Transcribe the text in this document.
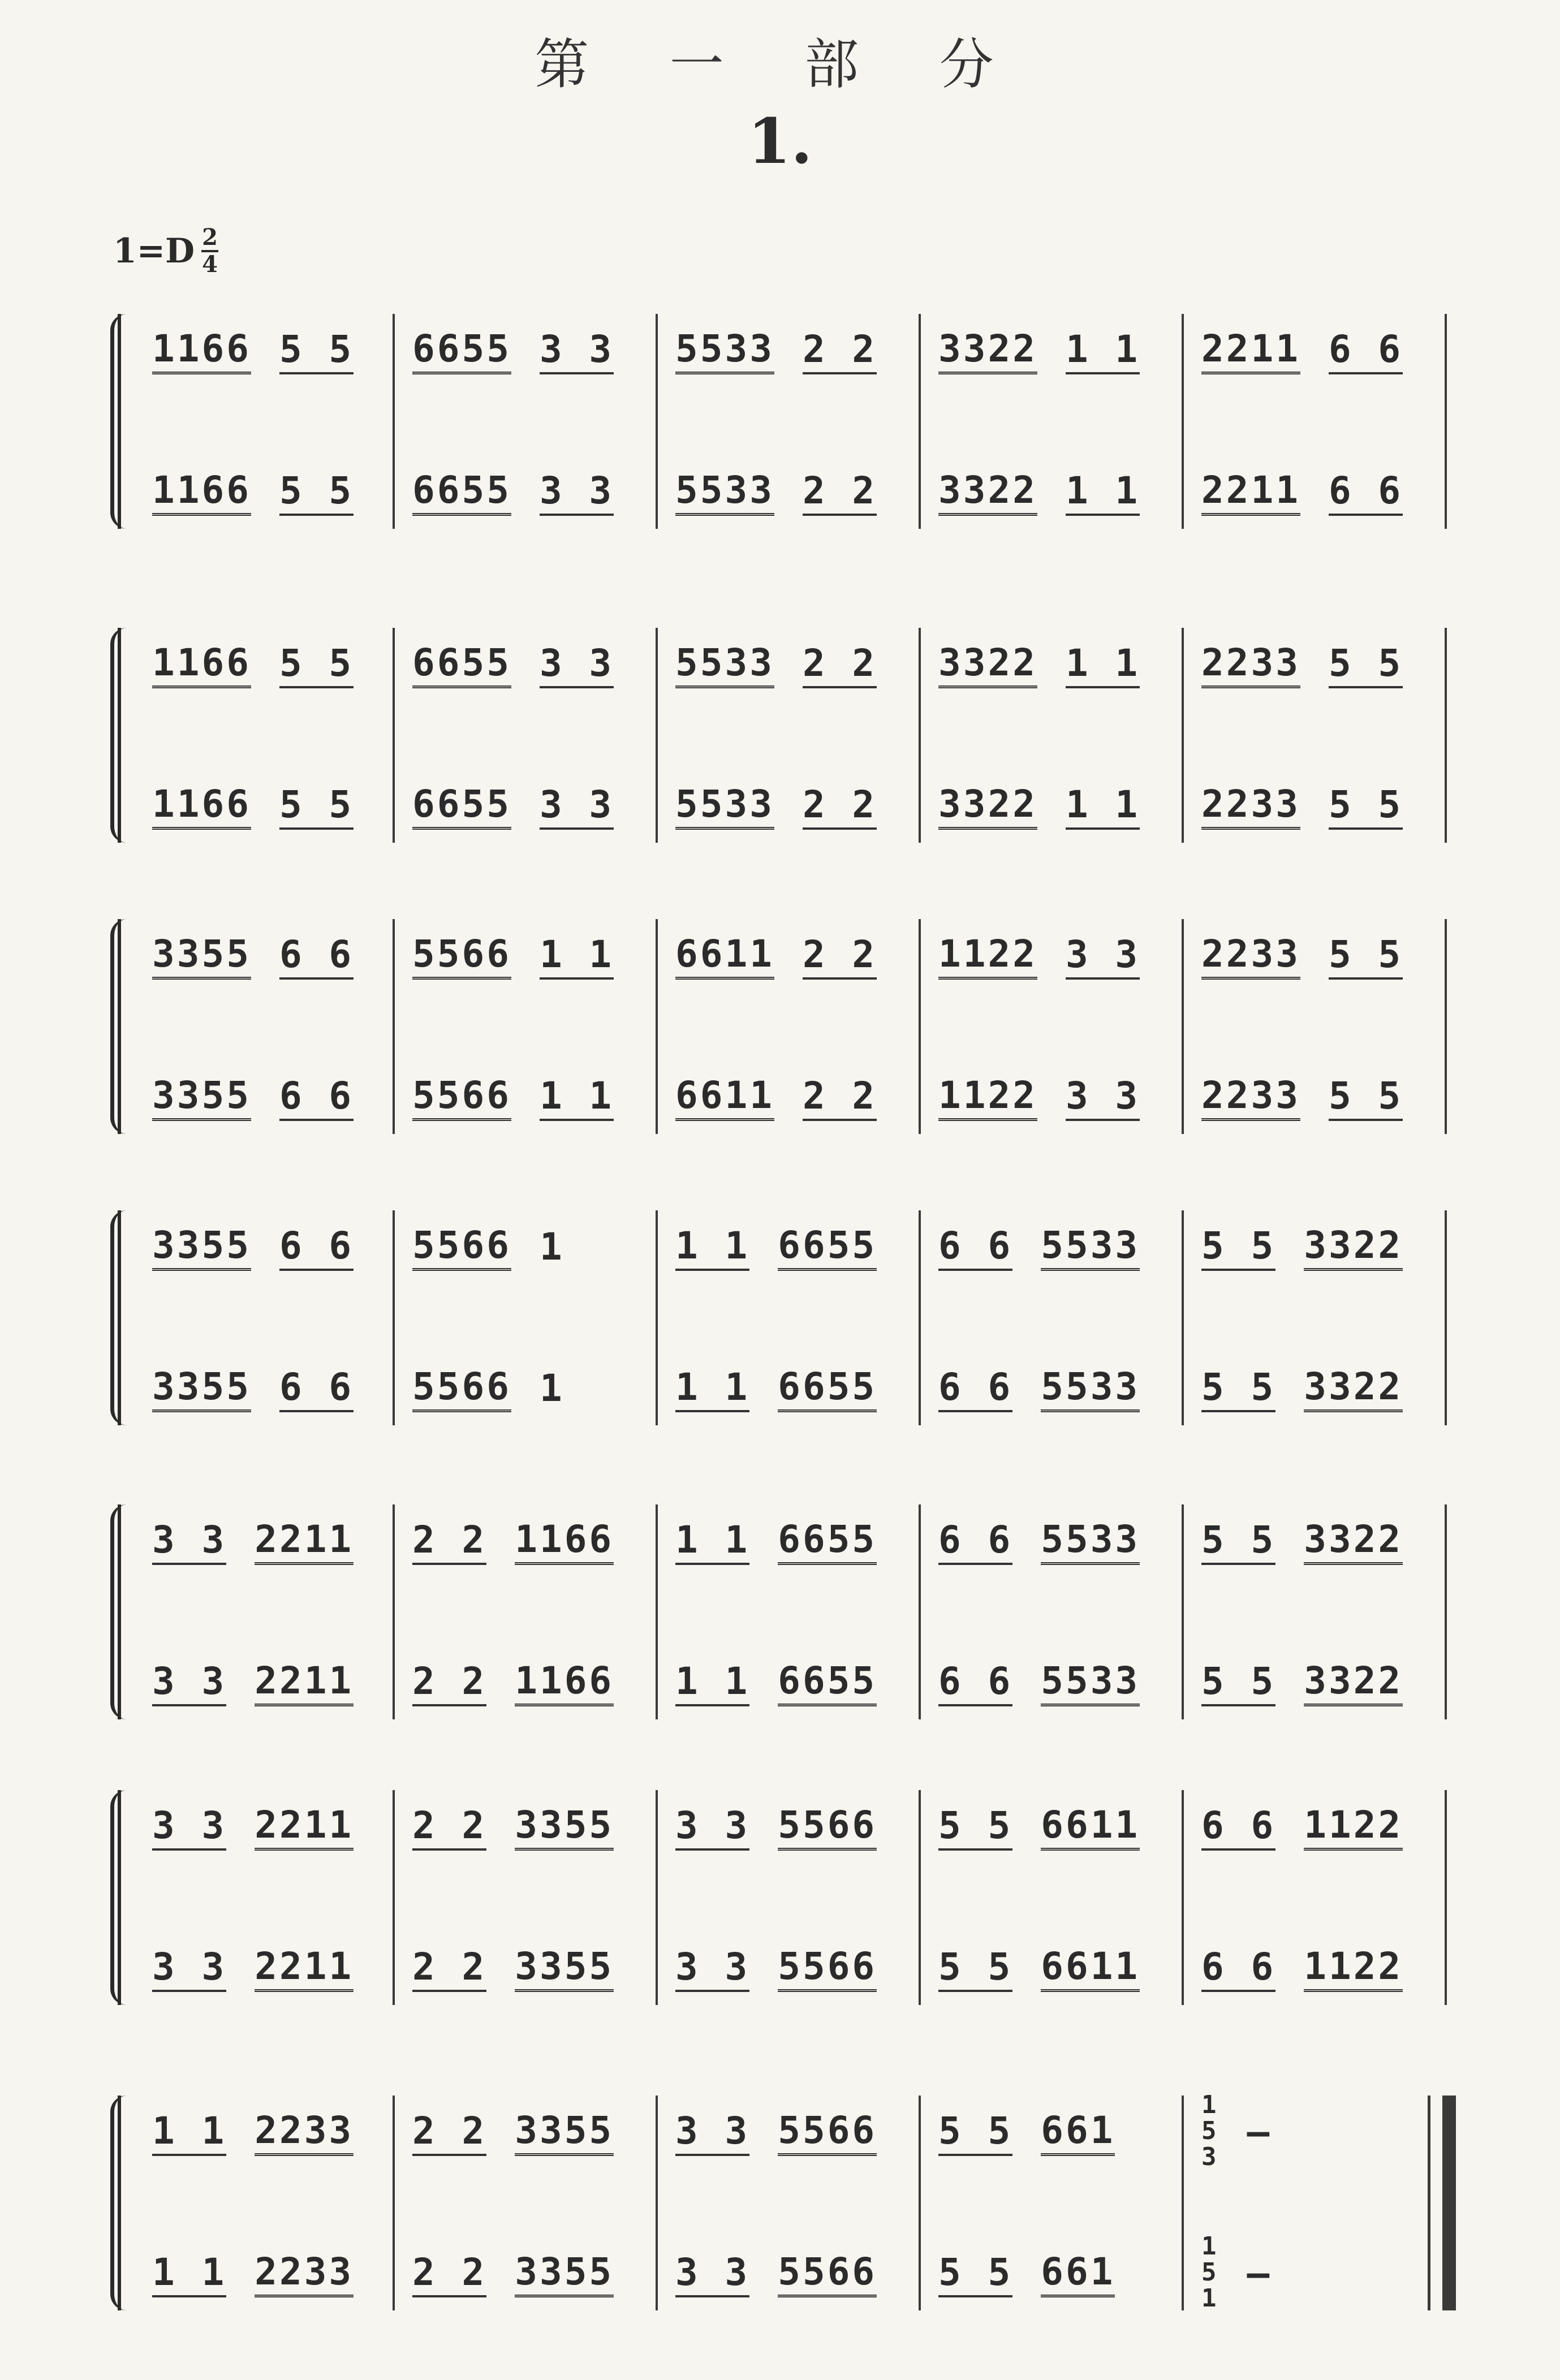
第 一 部 分
1.
$1=D \frac{2}{4}$
1166 5 5 6655 3 3 5533 2 2 3322 1 1 2211 6 6
1166 5 5 6655 3 3 5533 2 2 3322 1 1 2211 6 6
1166 5 5 6655 3 3 5533 2 2 3322 1 1 2233 5 5
1166 5 5 6655 3 3 5533 2 2 3322 1 1 2233 5 5
3355 6 6 5566 1 1 6611 2 2 1122 3 3 2233 5 5
3355 6 6 5566 1 1 6611 2 2 1122 3 3 2233 5 5
3355 6 6 5566 1	1 1 6655 6 6 5533 5 5 3322
3355 6 6 5566 1	1 1 6655 6 6 5533 5 5 3322
3 3 2211 2 2 1166 1 1 6655 6 6 5533 5 5 3322
3 3 2211 2 2 1166 1 1 6655 6 6 5533 5 5 3322
3 3 2211 2 2 3355 3 3 5566 5 5 6611 6 6 1122
3 3 2211 2 2 3355 3 3 5566 5 5 6611 6 6 1122
1 1 2233 2 2 3355 3 3 5566 5 5 661
1
5
3
–
1 1 2233 2 2 3355 3 3 5566 5 5 661
1
5
1
–
